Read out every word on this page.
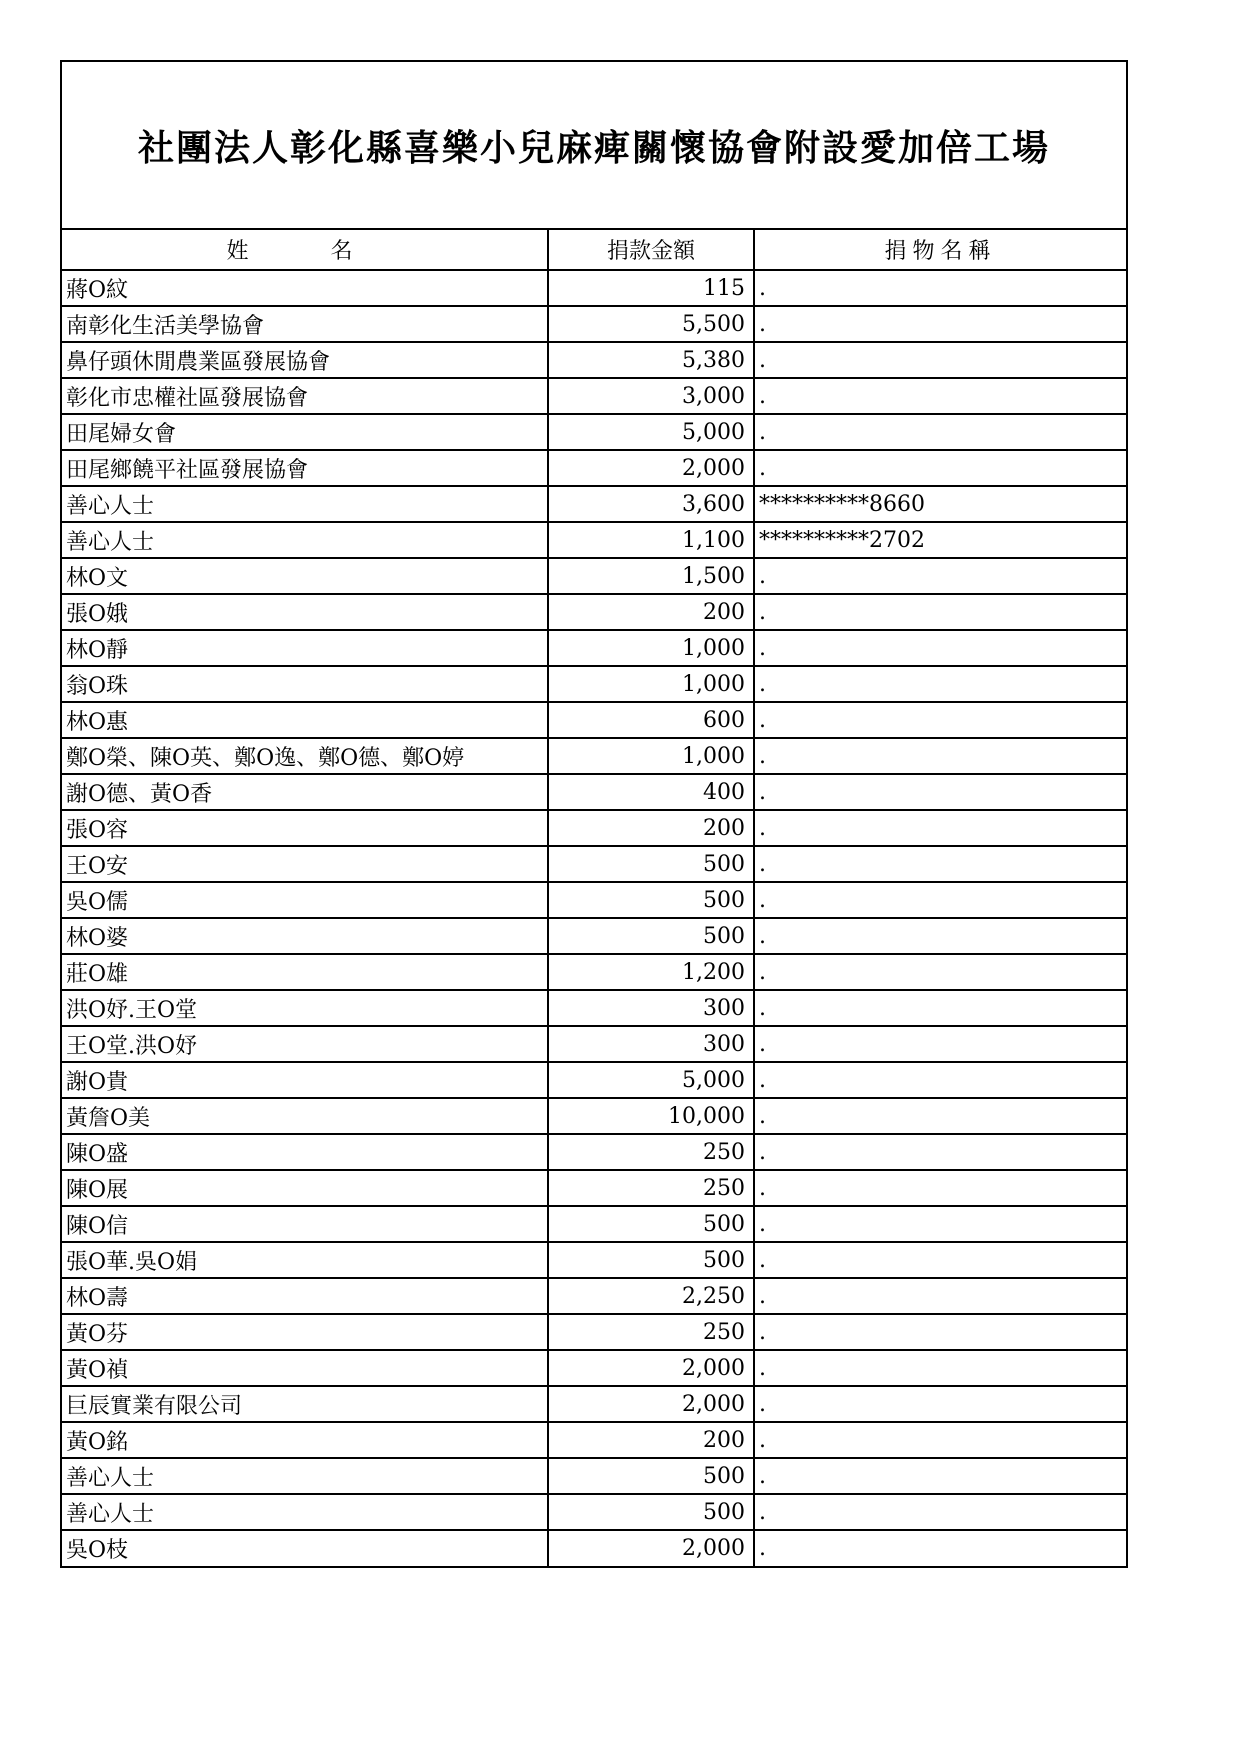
社團法人彰化縣喜樂小兒麻痺關懷協會附設愛加倍工場
姓　名	捐款金額	捐物名稱
蔣O紋	115	.
南彰化生活美學協會	5,500	.
鼻仔頭休閒農業區發展協會	5,380	.
彰化市忠權社區發展協會	3,000	.
田尾婦女會	5,000	.
田尾鄉饒平社區發展協會	2,000	.
善心人士	3,600	**********8660
善心人士	1,100	**********2702
林O文	1,500	.
張O娥	200	.
林O靜	1,000	.
翁O珠	1,000	.
林O惠	600	.
鄭O榮、陳O英、鄭O逸、鄭O德、鄭O婷	1,000	.
謝O德、黃O香	400	.
張O容	200	.
王O安	500	.
吳O儒	500	.
林O婆	500	.
莊O雄	1,200	.
洪O妤.王O堂	300	.
王O堂.洪O妤	300	.
謝O貴	5,000	.
黃詹O美	10,000	.
陳O盛	250	.
陳O展	250	.
陳O信	500	.
張O華.吳O娟	500	.
林O壽	2,250	.
黃O芬	250	.
黃O禎	2,000	.
巨辰實業有限公司	2,000	.
黃O銘	200	.
善心人士	500	.
善心人士	500	.
吳O枝	2,000	.
